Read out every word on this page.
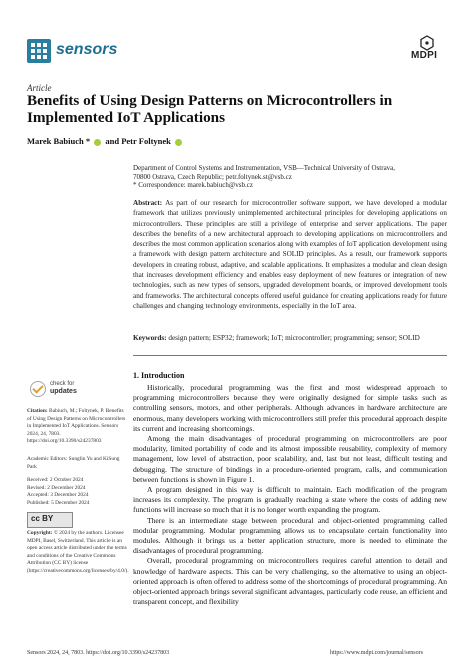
sensors	MDPI
Article
Benefits of Using Design Patterns on Microcontrollers in Implemented IoT Applications
Marek Babiuch * and Petr Foltynek
Department of Control Systems and Instrumentation, VSB—Technical University of Ostrava,
70800 Ostrava, Czech Republic; petr.foltynek.st@vsb.cz
* Correspondence: marek.babiuch@vsb.cz
Abstract: As part of our research for microcontroller software support, we have developed a modular framework that utilizes previously unimplemented architectural principles for developing applications on microcontrollers. These principles are still a privilege of enterprise and server applications. The paper describes the benefits of a new architectural approach to developing applications on microcontrollers and describes the most common application scenarios along with examples of IoT application development using a framework with design pattern architecture and SOLID principles. As a result, our framework supports developers in creating robust, adaptive, and scalable applications. It emphasizes a modular and clean design that increases development efficiency and enables easy deployment of new features or integration of new technologies, such as new types of sensors, upgraded development boards, or improved development tools and frameworks. The architectural concepts offered useful guidance for creating applications ready for future challenges and changing technology environments, especially in the IoT area.
Keywords: design pattern; ESP32; framework; IoT; microcontroller; programming; sensor; SOLID
check for
updates
Citation: Babiuch, M.; Foltynek, P. Benefits of Using Design Patterns on Microcontrollers in Implemented IoT Applications. Sensors 2024, 24, 7803. https://doi.org/10.3390/s24237803
Academic Editors: Sunglin Yu and KiSung Park
Received: 2 October 2024
Revised: 2 December 2024
Accepted: 3 December 2024
Published: 5 December 2024
cc BY
Copyright: © 2024 by the authors. Licensee MDPI, Basel, Switzerland. This article is an open access article distributed under the terms and conditions of the Creative Commons Attribution (CC BY) license (https://creativecommons.org/licenses/by/4.0/).
1. Introduction

Historically, procedural programming was the first and most widespread approach to programming microcontrollers because they were originally designed for simple tasks such as controlling sensors, motors, and other peripherals. Although advances in hardware architecture are enormous, many developers working with microcontrollers still prefer this procedural approach despite its current and increasing shortcomings.

Among the main disadvantages of procedural programming on microcontrollers are poor modularity, limited portability of code and its almost impossible reusability, complexity of memory management, low level of abstraction, poor scalability, and, last but not least, difficult testing and debugging. The structure of bindings in a procedure-oriented program, calls, and communication between functions is shown in Figure 1.

A program designed in this way is difficult to maintain. Each modification of the program increases its complexity. The program is gradually reaching a state where the costs of adding new functions will increase so much that it is no longer worth expanding the program.

There is an intermediate stage between procedural and object-oriented programming called modular programming. Modular programming allows us to encapsulate certain functionality into modules. Although it brings us a better application structure, more is needed to eliminate the disadvantages of procedural programming.

Overall, procedural programming on microcontrollers requires careful attention to detail and knowledge of hardware aspects. This can be very challenging, so the alternative to using an object-oriented approach is often offered to address some of the shortcomings of procedural programming. An object-oriented approach brings several significant advantages, particularly code reuse, an efficient and transparent concept, and flexibility

Sensors 2024, 24, 7803. https://doi.org/10.3390/s24237803	https://www.mdpi.com/journal/sensors
